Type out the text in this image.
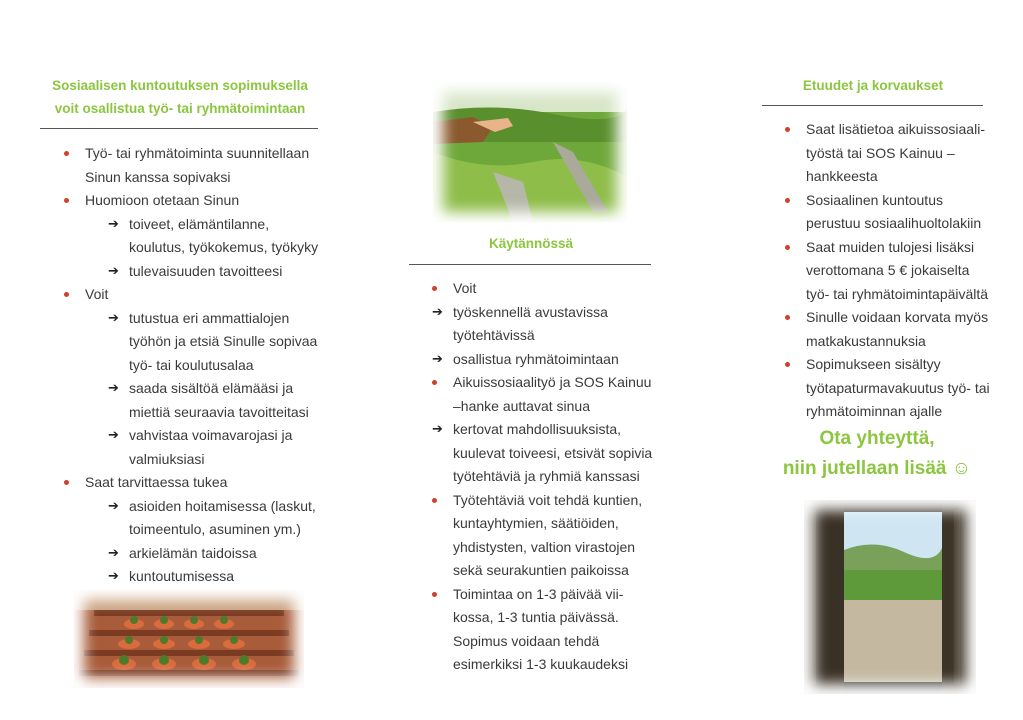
Sosiaalisen kuntoutuksen sopimuksella

voit osallistua työ- tai ryhmätoimintaan

Työ- tai ryhmätoiminta suunnitellaan
Sinun kanssa sopivaksi
Huomioon otetaan Sinun
➔ toiveet, elämäntilanne,
koulutus, työkokemus, työkyky
➔ tulevaisuuden tavoitteesi
Voit
➔ tutustua eri ammattialojen
työhön ja etsiä Sinulle sopivaa
työ- tai koulutusalaa
➔ saada sisältöä elämääsi ja
miettiä seuraavia tavoitteitasi
➔ vahvistaa voimavarojasi ja
valmiuksiasi
Saat tarvittaessa tukea
➔ asioiden hoitamisessa (laskut,
toimeentulo, asuminen ym.)
➔ arkielämän taidoissa
➔ kuntoutumisessa

Käytännössä

Voit
➔ työskennellä avustavissa
työtehtävissä
➔ osallistua ryhmätoimintaan
Aikuissosiaalityö ja SOS Kainuu
–hanke auttavat sinua
➔ kertovat mahdollisuuksista,
kuulevat toiveesi, etsivät sopivia
työtehtäviä ja ryhmiä kanssasi
Työtehtäviä voit tehdä kuntien,
kuntayhtymien, säätiöiden,
yhdistysten, valtion virastojen
sekä seurakuntien paikoissa
Toimintaa on 1-3 päivää vii-
kossa, 1-3 tuntia päivässä.
Sopimus voidaan tehdä
esimerkiksi 1-3 kuukaudeksi

Etuudet ja korvaukset

Saat lisätietoa aikuissosiaali-
työstä tai SOS Kainuu –
hankkeesta
Sosiaalinen kuntoutus
perustuu sosiaalihuoltolakiin
Saat muiden tulojesi lisäksi
verottomana 5 € jokaiselta
työ- tai ryhmätoimintapäivältä
Sinulle voidaan korvata myös
matkakustannuksia
Sopimukseen sisältyy
työtapaturmavakuutus työ- tai
ryhmätoiminnan ajalle

Ota yhteyttä,

niin jutellaan lisää ☺
